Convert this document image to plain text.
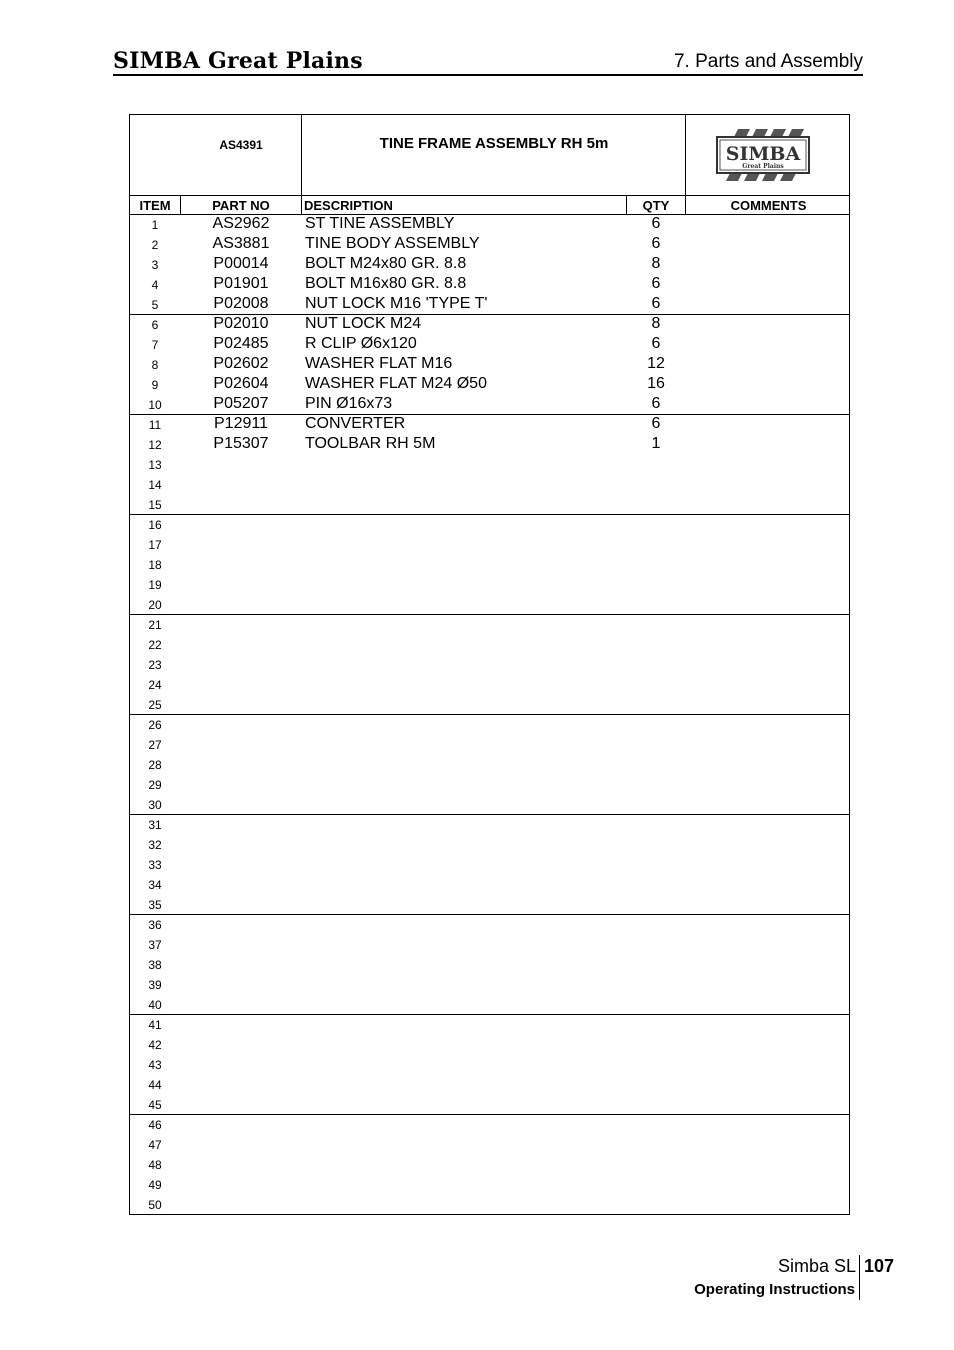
SIMBA Great Plains	7. Parts and Assembly
AS4391	TINE FRAME ASSEMBLY RH 5m	SIMBA
Great Plains
ITEM	PART NO	DESCRIPTION	QTY	COMMENTS
1	AS2962	ST TINE ASSEMBLY	6
2	AS3881	TINE BODY ASSEMBLY	6
3	P00014	BOLT M24x80 GR. 8.8	8
4	P01901	BOLT M16x80 GR. 8.8	6
5	P02008	NUT LOCK M16 'TYPE T'	6
6	P02010	NUT LOCK M24	8
7	P02485	R CLIP Ø6x120	6
8	P02602	WASHER FLAT M16	12
9	P02604	WASHER FLAT M24 Ø50	16
10	P05207	PIN Ø16x73	6
11	P12911	CONVERTER	6
12	P15307	TOOLBAR RH 5M	1
13
14
15
16
17
18
19
20
21
22
23
24
25
26
27
28
29
30
31
32
33
34
35
36
37
38
39
40
41
42
43
44
45
46
47
48
49
50
Simba SL 107
Operating Instructions
